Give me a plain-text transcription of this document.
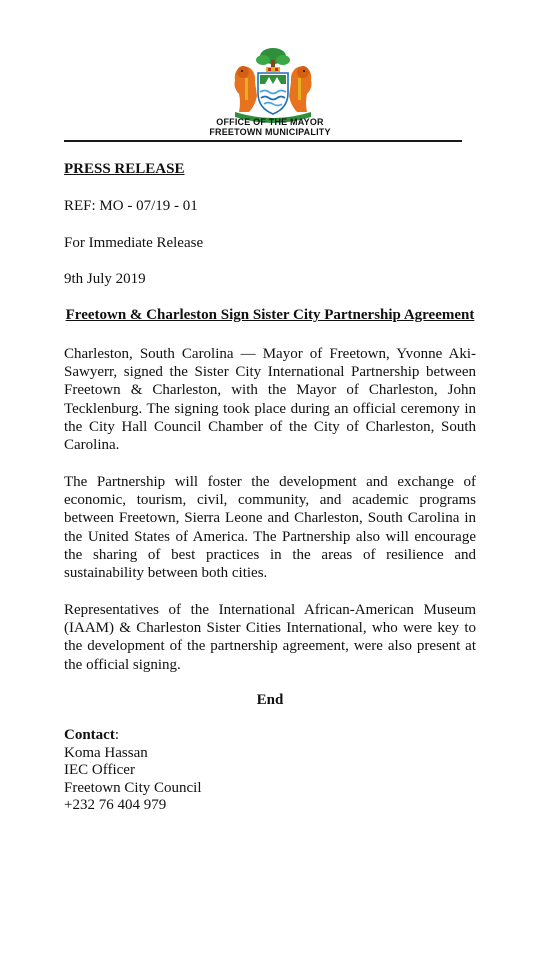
OFFICE OF THE MAYOR
FREETOWN MUNICIPALITY
PRESS RELEASE
REF: MO - 07/19 - 01
For Immediate Release
9th July 2019
Freetown & Charleston Sign Sister City Partnership Agreement
Charleston, South Carolina — Mayor of Freetown, Yvonne Aki-Sawyerr, signed the Sister City International Partnership between Freetown & Charleston, with the Mayor of Charleston, John Tecklenburg. The signing took place during an official ceremony in the City Hall Council Chamber of the City of Charleston, South Carolina.
The Partnership will foster the development and exchange of economic, tourism, civil, community, and academic programs between Freetown, Sierra Leone and Charleston, South Carolina in the United States of America. The Partnership also will encourage the sharing of best practices in the areas of resilience and sustainability between both cities.
Representatives of the International African-American Museum (IAAM) & Charleston Sister Cities International, who were key to the development of the partnership agreement, were also present at the official signing.
End
Contact:
Koma Hassan
IEC Officer
Freetown City Council
+232 76 404 979
